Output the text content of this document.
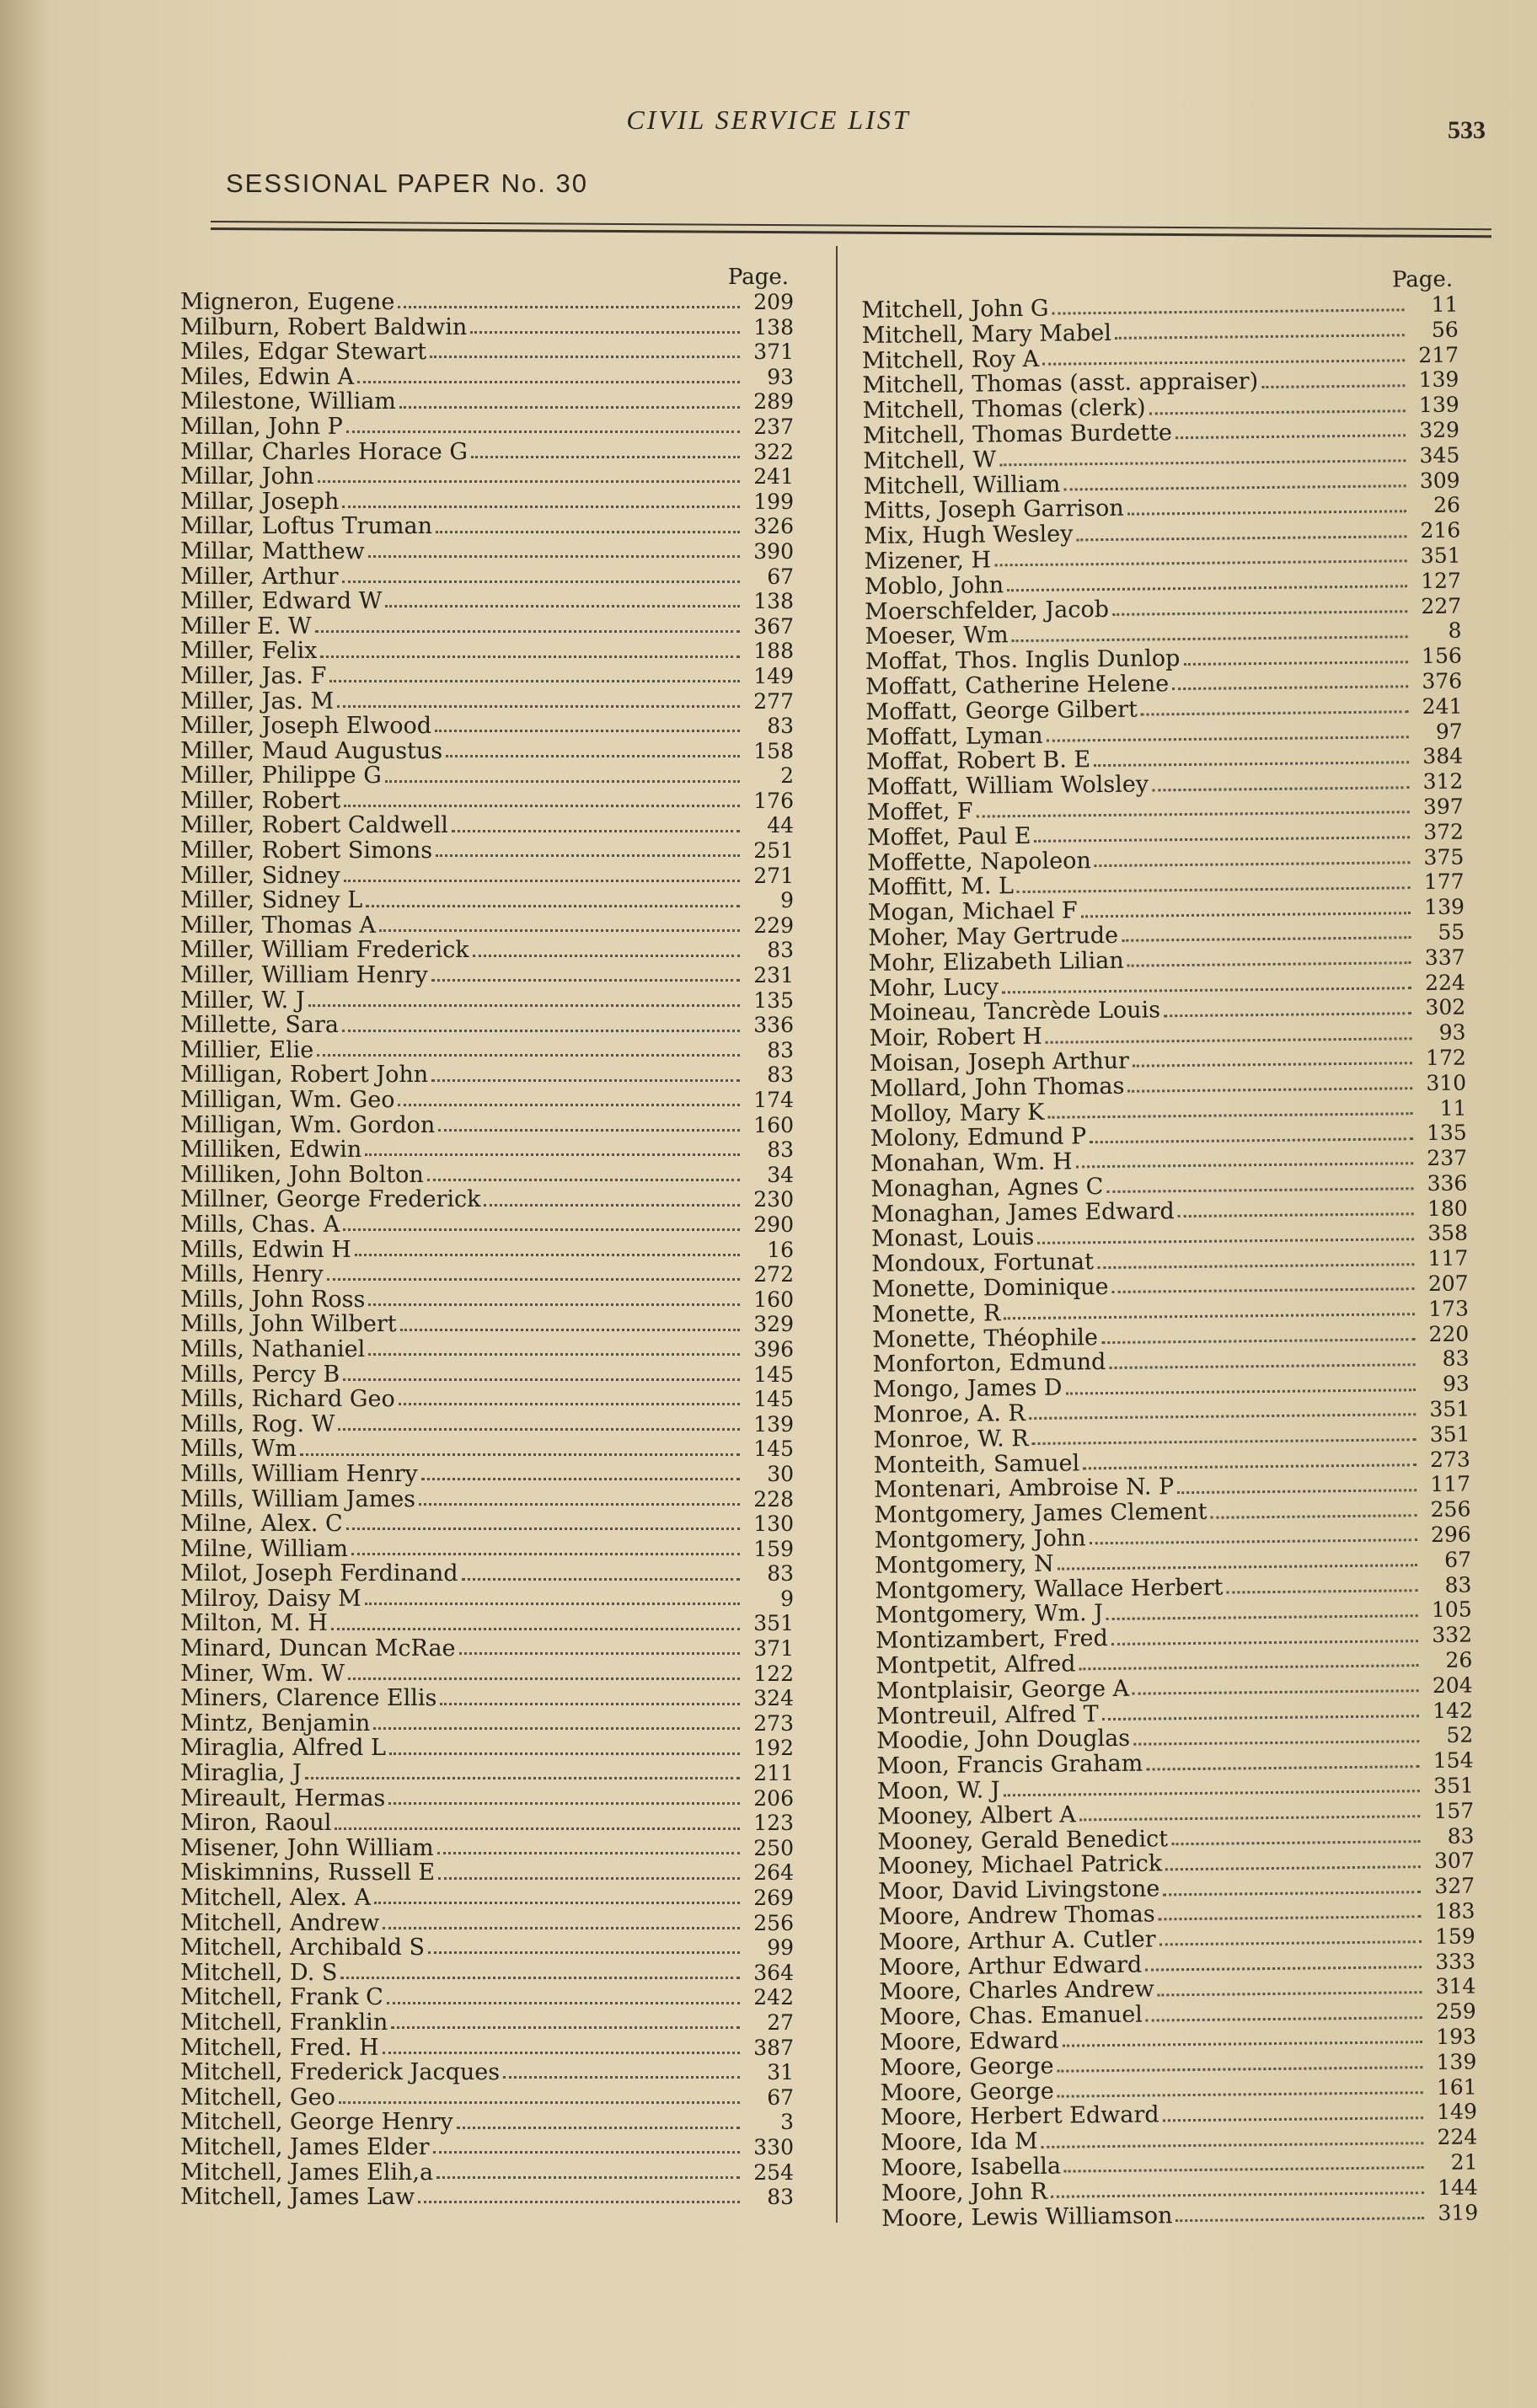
CIVIL SERVICE LIST	533
SESSIONAL PAPER No. 30
Page.
Migneron, Eugene	209
Milburn, Robert Baldwin	138
Miles, Edgar Stewart	371
Miles, Edwin A	93
Milestone, William	289
Millan, John P	237
Millar, Charles Horace G	322
Millar, John	241
Millar, Joseph	199
Millar, Loftus Truman	326
Millar, Matthew	390
Miller, Arthur	67
Miller, Edward W	138
Miller E. W	367
Miller, Felix	188
Miller, Jas. F	149
Miller, Jas. M	277
Miller, Joseph Elwood	83
Miller, Maud Augustus	158
Miller, Philippe G	2
Miller, Robert	176
Miller, Robert Caldwell	44
Miller, Robert Simons	251
Miller, Sidney	271
Miller, Sidney L	9
Miller, Thomas A	229
Miller, William Frederick	83
Miller, William Henry	231
Miller, W. J	135
Millette, Sara	336
Millier, Elie	83
Milligan, Robert John	83
Milligan, Wm. Geo	174
Milligan, Wm. Gordon	160
Milliken, Edwin	83
Milliken, John Bolton	34
Millner, George Frederick	230
Mills, Chas. A	290
Mills, Edwin H	16
Mills, Henry	272
Mills, John Ross	160
Mills, John Wilbert	329
Mills, Nathaniel	396
Mills, Percy B	145
Mills, Richard Geo	145
Mills, Rog. W	139
Mills, Wm	145
Mills, William Henry	30
Mills, William James	228
Milne, Alex. C	130
Milne, William	159
Milot, Joseph Ferdinand	83
Milroy, Daisy M	9
Milton, M. H	351
Minard, Duncan McRae	371
Miner, Wm. W	122
Miners, Clarence Ellis	324
Mintz, Benjamin	273
Miraglia, Alfred L	192
Miraglia, J	211
Mireault, Hermas	206
Miron, Raoul	123
Misener, John William	250
Miskimnins, Russell E	264
Mitchell, Alex. A	269
Mitchell, Andrew	256
Mitchell, Archibald S	99
Mitchell, D. S	364
Mitchell, Frank C	242
Mitchell, Franklin	27
Mitchell, Fred. H	387
Mitchell, Frederick Jacques	31
Mitchell, Geo	67
Mitchell, George Henry	3
Mitchell, James Elder	330
Mitchell, James Elih,a	254
Mitchell, James Law	83
Page.
Mitchell, John G	11
Mitchell, Mary Mabel	56
Mitchell, Roy A	217
Mitchell, Thomas (asst. appraiser)	139
Mitchell, Thomas (clerk)	139
Mitchell, Thomas Burdette	329
Mitchell, W	345
Mitchell, William	309
Mitts, Joseph Garrison	26
Mix, Hugh Wesley	216
Mizener, H	351
Moblo, John	127
Moerschfelder, Jacob	227
Moeser, Wm	8
Moffat, Thos. Inglis Dunlop	156
Moffatt, Catherine Helene	376
Moffatt, George Gilbert	241
Moffatt, Lyman	97
Moffat, Robert B. E	384
Moffatt, William Wolsley	312
Moffet, F	397
Moffet, Paul E	372
Moffette, Napoleon	375
Moffitt, M. L	177
Mogan, Michael F	139
Moher, May Gertrude	55
Mohr, Elizabeth Lilian	337
Mohr, Lucy	224
Moineau, Tancrède Louis	302
Moir, Robert H	93
Moisan, Joseph Arthur	172
Mollard, John Thomas	310
Molloy, Mary K	11
Molony, Edmund P	135
Monahan, Wm. H	237
Monaghan, Agnes C	336
Monaghan, James Edward	180
Monast, Louis	358
Mondoux, Fortunat	117
Monette, Dominique	207
Monette, R	173
Monette, Théophile	220
Monforton, Edmund	83
Mongo, James D	93
Monroe, A. R	351
Monroe, W. R	351
Monteith, Samuel	273
Montenari, Ambroise N. P	117
Montgomery, James Clement	256
Montgomery, John	296
Montgomery, N	67
Montgomery, Wallace Herbert	83
Montgomery, Wm. J	105
Montizambert, Fred	332
Montpetit, Alfred	26
Montplaisir, George A	204
Montreuil, Alfred T	142
Moodie, John Douglas	52
Moon, Francis Graham	154
Moon, W. J	351
Mooney, Albert A	157
Mooney, Gerald Benedict	83
Mooney, Michael Patrick	307
Moor, David Livingstone	327
Moore, Andrew Thomas	183
Moore, Arthur A. Cutler	159
Moore, Arthur Edward	333
Moore, Charles Andrew	314
Moore, Chas. Emanuel	259
Moore, Edward	193
Moore, George	139
Moore, George	161
Moore, Herbert Edward	149
Moore, Ida M	224
Moore, Isabella	21
Moore, John R	144
Moore, Lewis Williamson	319
